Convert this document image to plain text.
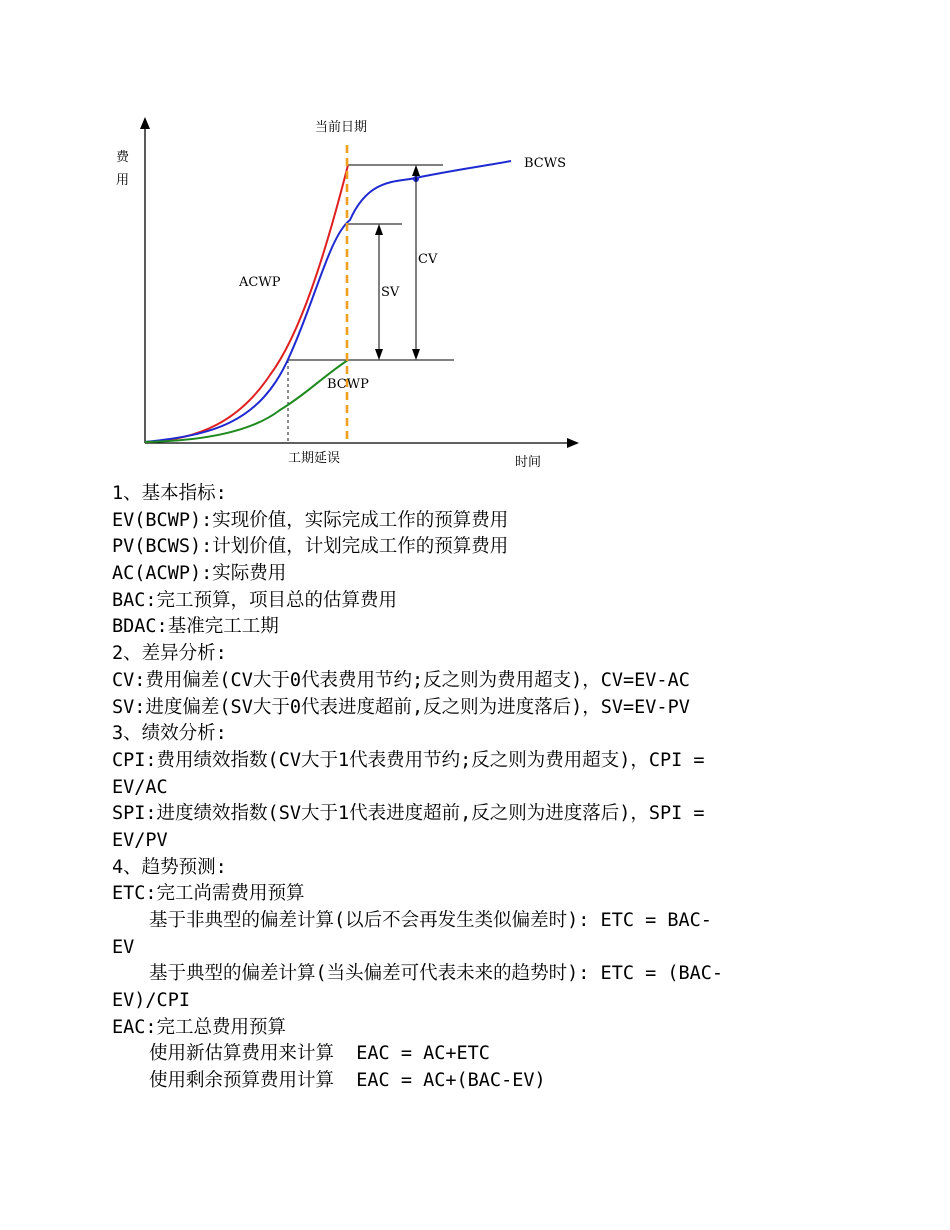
当前日期
费
用
BCWS
ACWP
BCWP
CV
SV
工期延误	时间
1、基本指标:
EV(BCWP):实现价值，实际完成工作的预算费用
PV(BCWS):计划价值，计划完成工作的预算费用
AC(ACWP):实际费用
BAC:完工预算，项目总的估算费用
BDAC:基准完工工期
2、差异分析:
CV:费用偏差(CV大于0代表费用节约;反之则为费用超支)，CV=EV-AC
SV:进度偏差(SV大于0代表进度超前,反之则为进度落后)，SV=EV-PV
3、绩效分析:
CPI:费用绩效指数(CV大于1代表费用节约;反之则为费用超支)，CPI =
EV/AC
SPI:进度绩效指数(SV大于1代表进度超前,反之则为进度落后)，SPI =
EV/PV
4、趋势预测:
ETC:完工尚需费用预算
基于非典型的偏差计算(以后不会再发生类似偏差时): ETC = BAC-
EV
基于典型的偏差计算(当头偏差可代表未来的趋势时): ETC = (BAC-
EV)/CPI
EAC:完工总费用预算
使用新估算费用来计算  EAC = AC+ETC
使用剩余预算费用计算  EAC = AC+(BAC-EV)
